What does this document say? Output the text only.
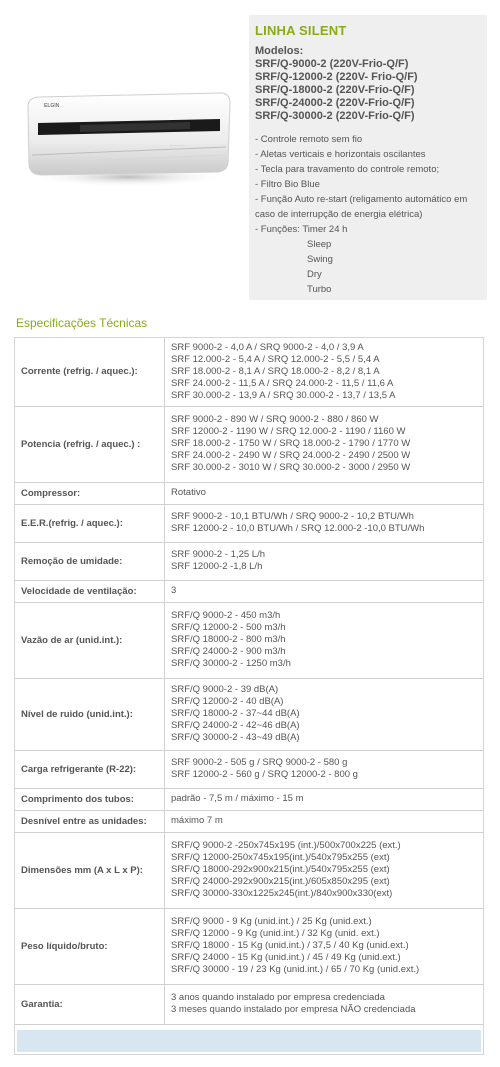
ELGIN
— — — —
LINHA SILENT
Modelos:
SRF/Q-9000-2 (220V-Frio-Q/F)
SRF/Q-12000-2 (220V- Frio-Q/F)
SRF/Q-18000-2 (220V-Frio-Q/F)
SRF/Q-24000-2 (220V-Frio-Q/F)
SRF/Q-30000-2 (220V-Frio-Q/F)
- Controle remoto sem fio
- Aletas verticais e horizontais oscilantes
- Tecla para travamento do controle remoto;
- Filtro Bio Blue
- Função Auto re-start (religamento automático em caso de interrupção de energia elétrica)
- Funções: Timer 24 h
Sleep
Swing
Dry
Turbo
Especificações Técnicas
Corrente (refrig. / aquec.):	SRF 9000-2 - 4,0 A / SRQ 9000-2 - 4,0 / 3,9 A
SRF 12.000-2 - 5,4 A / SRQ 12.000-2 - 5,5 / 5,4 A
SRF 18.000-2 - 8,1 A / SRQ 18.000-2 - 8,2 / 8,1 A
SRF 24.000-2 - 11,5 A / SRQ 24.000-2 - 11,5 / 11,6 A
SRF 30.000-2 - 13,9 A / SRQ 30.000-2 - 13,7 / 13,5 A

Potencia (refrig. / aquec.) :	SRF 9000-2 - 890 W / SRQ 9000-2 - 880 / 860 W
SRF 12000-2 - 1190 W / SRQ 12.000-2 - 1190 / 1160 W
SRF 18.000-2 - 1750 W / SRQ 18.000-2 - 1790 / 1770 W
SRF 24.000-2 - 2490 W / SRQ 24.000-2 - 2490 / 2500 W
SRF 30.000-2 - 3010 W / SRQ 30.000-2 - 3000 / 2950 W

Compressor:	Rotativo

E.E.R.(refrig. / aquec.):	SRF 9000-2 - 10,1 BTU/Wh / SRQ 9000-2 - 10,2 BTU/Wh
SRF 12000-2 - 10,0 BTU/Wh / SRQ 12.000-2 -10,0 BTU/Wh

Remoção de umidade:	SRF 9000-2 - 1,25 L/h
SRF 12000-2 -1,8 L/h

Velocidade de ventilação:	3

Vazão de ar (unid.int.):	SRF/Q 9000-2 - 450 m3/h
SRF/Q 12000-2 - 500 m3/h
SRF/Q 18000-2 - 800 m3/h
SRF/Q 24000-2 - 900 m3/h
SRF/Q 30000-2 - 1250 m3/h

Nível de ruido (unid.int.):	SRF/Q 9000-2 - 39 dB(A)
SRF/Q 12000-2 - 40 dB(A)
SRF/Q 18000-2 - 37~44 dB(A)
SRF/Q 24000-2 - 42~46 dB(A)
SRF/Q 30000-2 - 43~49 dB(A)

Carga refrigerante (R-22):	SRF 9000-2 - 505 g / SRQ 9000-2 - 580 g
SRF 12000-2 - 560 g / SRQ 12000-2 - 800 g

Comprimento dos tubos:	padrão - 7,5 m / máximo - 15 m

Desnível entre as unidades:	máximo 7 m

Dimensões mm (A x L x P):	SRF/Q 9000-2 -250x745x195 (int.)/500x700x225 (ext.)
SRF/Q 12000-250x745x195(int.)/540x795x255 (ext)
SRF/Q 18000-292x900x215(int.)/540x795x255 (ext)
SRF/Q 24000-292x900x215(int.)/605x850x295 (ext)
SRF/Q 30000-330x1225x245(int.)/840x900x330(ext)

Peso líquido/bruto:	SRF/Q 9000 - 9 Kg (unid.int.) / 25 Kg (unid.ext.)
SRF/Q 12000 - 9 Kg (unid.int.) / 32 Kg (unid. ext.)
SRF/Q 18000 - 15 Kg (unid.int.) / 37,5 / 40 Kg (unid.ext.)
SRF/Q 24000 - 15 Kg (unid.int.) / 45 / 49 Kg (unid.ext.)
SRF/Q 30000 - 19 / 23 Kg (unid.int.) / 65 / 70 Kg (unid.ext.)

Garantia:	3 anos quando instalado por empresa credenciada
3 meses quando instalado por empresa NÃO credenciada
